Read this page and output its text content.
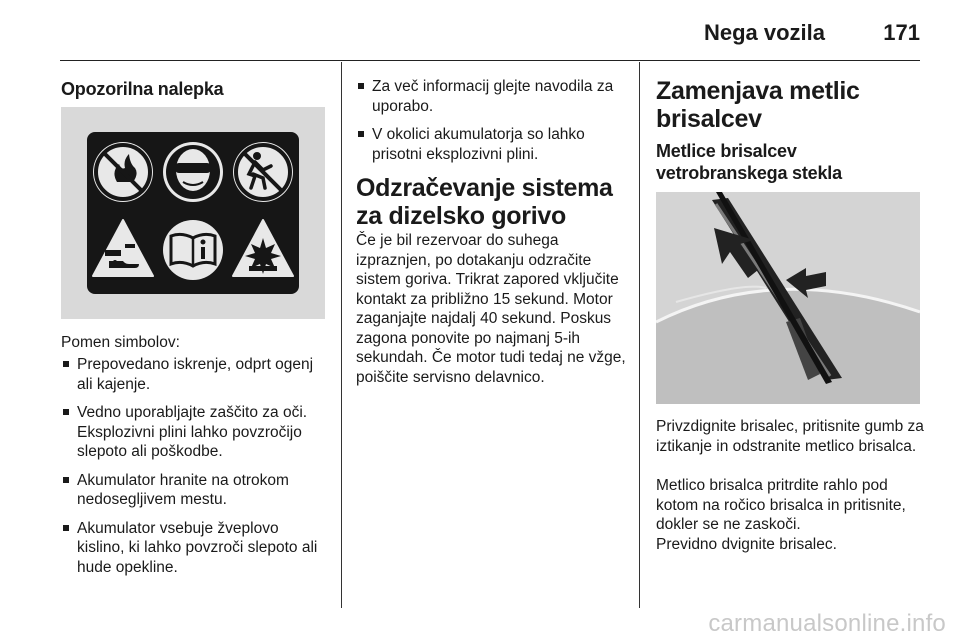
Nega vozila	171
Opozorilna nalepka

Pomen simbolov:

Prepovedano iskrenje, odprt ogenj ali kajenje.
Vedno uporabljajte zaščito za oči. Eksplozivni plini lahko povzročijo slepoto ali poškodbe.
Akumulator hranite na otrokom nedosegljivem mestu.
Akumulator vsebuje žveplovo kislino, ki lahko povzroči slepoto ali hude opekline.
Za več informacij glejte navodila za uporabo.
V okolici akumulatorja so lahko prisotni eksplozivni plini.
Odzračevanje sistema za dizelsko gorivo

Če je bil rezervoar do suhega izpraznjen, po dotakanju odzračite sistem goriva. Trikrat zapored vključite kontakt za približno 15 sekund. Motor zaganjajte najdalj 40 sekund. Poskus zagona ponovite po najmanj 5-ih sekundah. Če motor tudi tedaj ne vžge, poiščite servisno delavnico.

Zamenjava metlic brisalcev
Metlice brisalcev vetrobranskega stekla

Privzdignite brisalec, pritisnite gumb za iztikanje in odstranite metlico brisalca.

Metlico brisalca pritrdite rahlo pod kotom na ročico brisalca in pritisnite, dokler se ne zaskoči.

Previdno dvignite brisalec.

carmanualsonline.info
